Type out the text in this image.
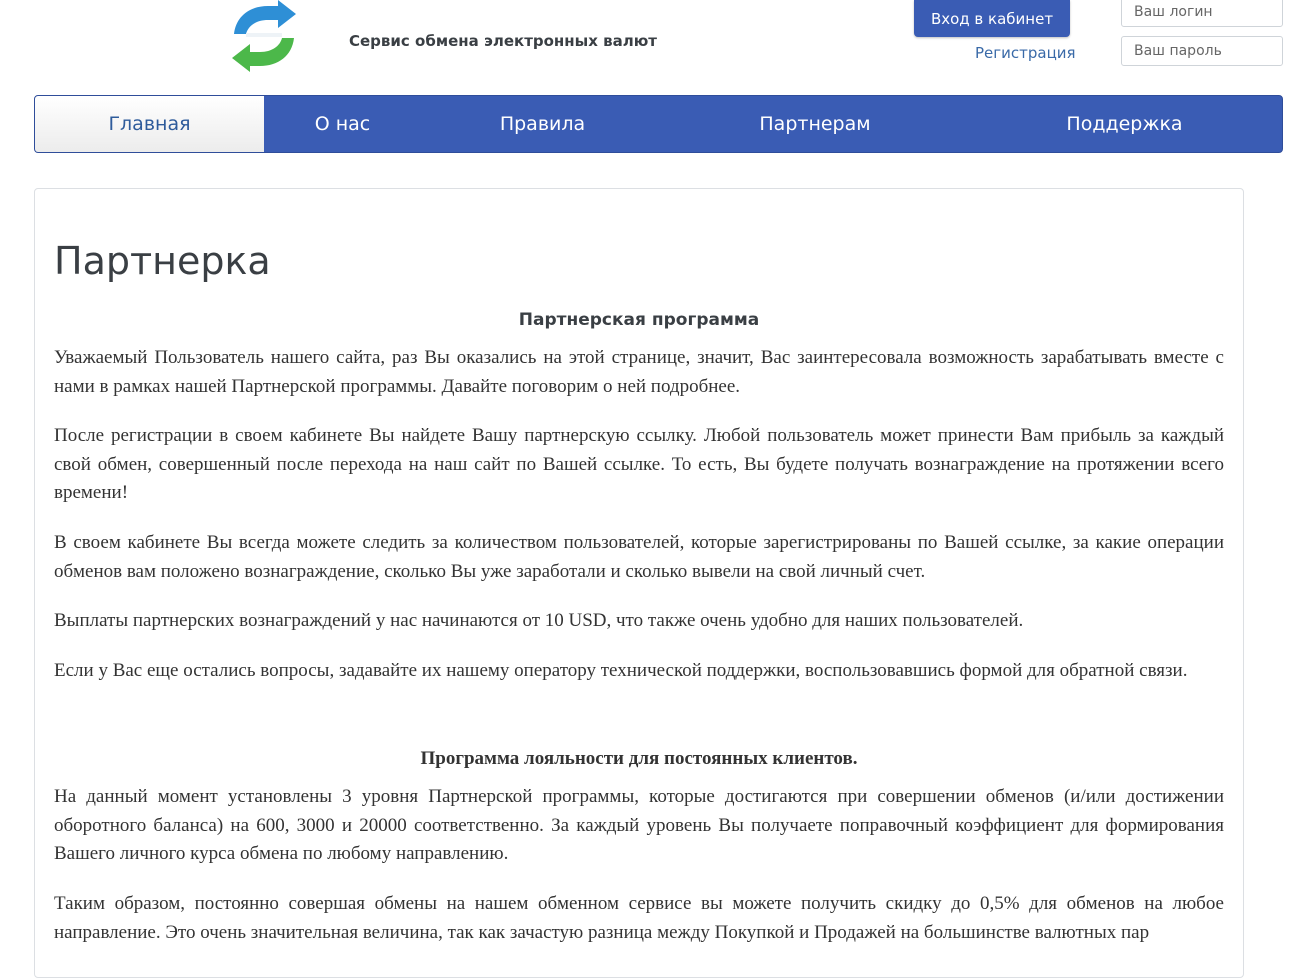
Сервис обмена электронных валют
Вход в кабинет
Регистрация
Ваш логин
Главная	О нас	Правила	Партнерам	Поддержка
Партнерка
Партнерская программа

Уважаемый Пользователь нашего сайта, раз Вы оказались на этой странице, значит, Вас заинтересовала возможность зарабатывать вместе с нами в рамках нашей Партнерской программы. Давайте поговорим о ней подробнее.

После регистрации в своем кабинете Вы найдете Вашу партнерскую ссылку. Любой пользователь может принести Вам прибыль за каждый свой обмен, совершенный после перехода на наш сайт по Вашей ссылке. То есть, Вы будете получать вознаграждение на протяжении всего времени!

В своем кабинете Вы всегда можете следить за количеством пользователей, которые зарегистрированы по Вашей ссылке, за какие операции обменов вам положено вознаграждение, сколько Вы уже заработали и сколько вывели на свой личный счет.

Выплаты партнерских вознаграждений у нас начинаются от 10 USD, что также очень удобно для наших пользователей.

Если у Вас еще остались вопросы, задавайте их нашему оператору технической поддержки, воспользовавшись формой для обратной связи.

Программа лояльности для постоянных клиентов.

На данный момент установлены 3 уровня Партнерской программы, которые достигаются при совершении обменов (и/или достижении оборотного баланса) на 600, 3000 и 20000 соответственно. За каждый уровень Вы получаете поправочный коэффициент для формирования Вашего личного курса обмена по любому направлению.

Таким образом, постоянно совершая обмены на нашем обменном сервисе вы можете получить скидку до 0,5% для обменов на любое направление. Это очень значительная величина, так как зачастую разница между Покупкой и Продажей на большинстве валютных пар
